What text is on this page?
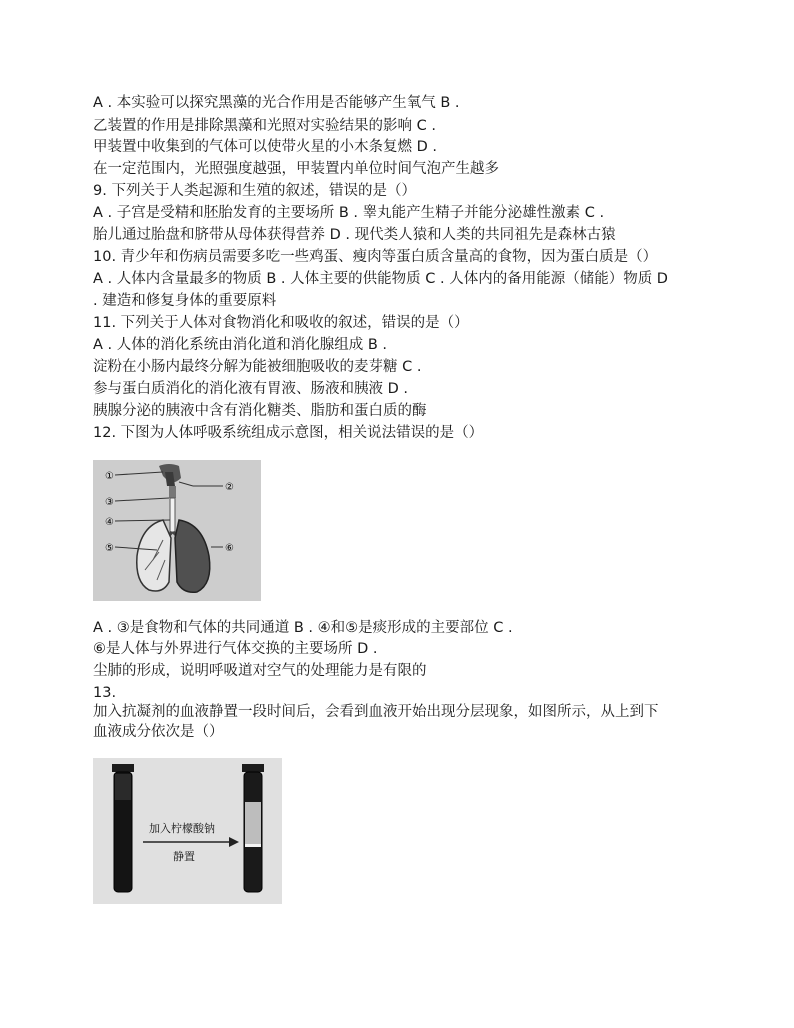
A . 本实验可以探究黑藻的光合作用是否能够产生氧气 B .
乙装置的作用是排除黑藻和光照对实验结果的影响 C .
甲装置中收集到的气体可以使带火星的小木条复燃 D .
在一定范围内，光照强度越强，甲装置内单位时间气泡产生越多
9. 下列关于人类起源和生殖的叙述，错误的是（）
A . 子宫是受精和胚胎发育的主要场所 B . 睾丸能产生精子并能分泌雄性激素 C .
胎儿通过胎盘和脐带从母体获得营养 D . 现代类人猿和人类的共同祖先是森林古猿
10. 青少年和伤病员需要多吃一些鸡蛋、瘦肉等蛋白质含量高的食物，因为蛋白质是（）
A . 人体内含量最多的物质 B . 人体主要的供能物质 C . 人体内的备用能源（储能）物质 D
. 建造和修复身体的重要原料
11. 下列关于人体对食物消化和吸收的叙述，错误的是（）
A . 人体的消化系统由消化道和消化腺组成 B .
淀粉在小肠内最终分解为能被细胞吸收的麦芽糖 C .
参与蛋白质消化的消化液有胃液、肠液和胰液 D .
胰腺分泌的胰液中含有消化糖类、脂肪和蛋白质的酶
12. 下图为人体呼吸系统组成示意图，相关说法错误的是（）
①
②
③
④
⑤	⑥
A . ③是食物和气体的共同通道 B . ④和⑤是痰形成的主要部位 C .
⑥是人体与外界进行气体交换的主要场所 D .
尘肺的形成，说明呼吸道对空气的处理能力是有限的
13.
加入抗凝剂的血液静置一段时间后，会看到血液开始出现分层现象，如图所示，从上到下
血液成分依次是（）
加入柠檬酸钠
静置
